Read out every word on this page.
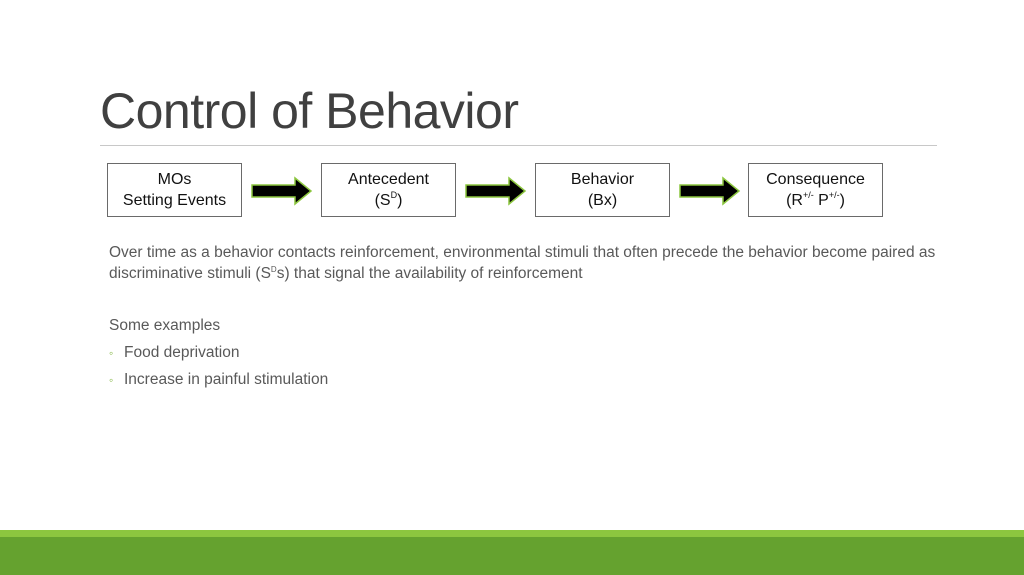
Control of Behavior
MOs
Setting Events
Antecedent
$(S^D)$
Behavior
(Bx)
Consequence
(R+/- P+/-)
Over time as a behavior contacts reinforcement, environmental stimuli that often precede the behavior become paired as discriminative stimuli $(S^Ds)$ that signal the availability of reinforcement
Some examples
◦ Food deprivation
◦ Increase in painful stimulation
